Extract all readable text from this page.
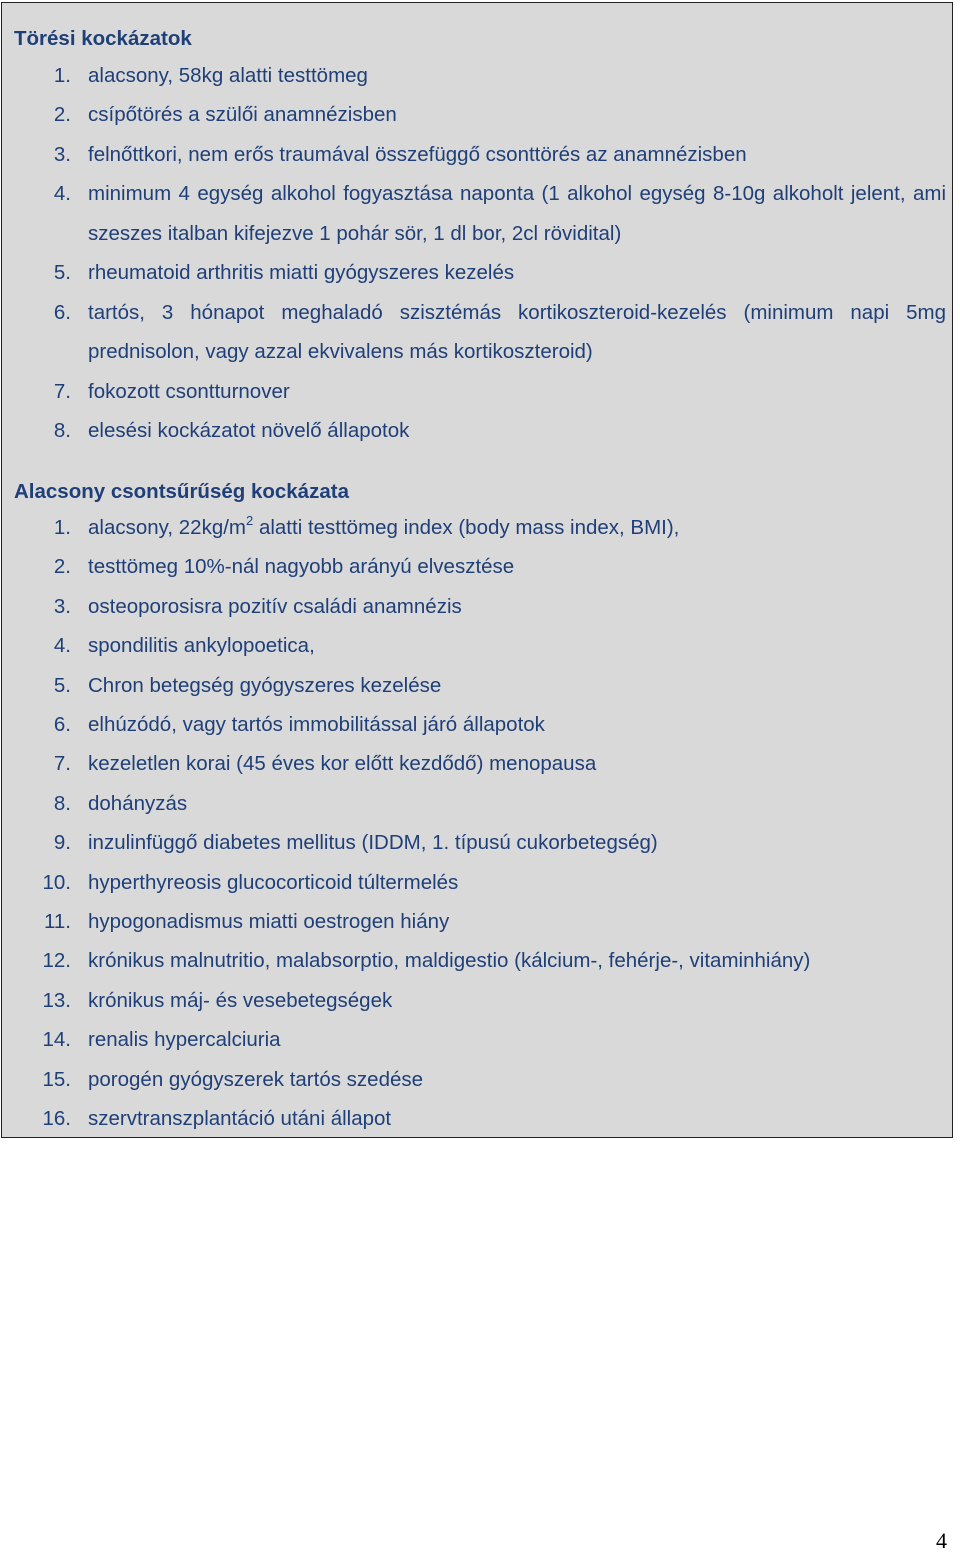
Törési kockázatok
1. alacsony, 58kg alatti testtömeg

2. csípőtörés a szülői anamnézisben

3. felnőttkori, nem erős traumával összefüggő csonttörés az anamnézisben

4. minimum 4 egység alkohol fogyasztása naponta (1 alkohol egység 8-10g alkoholt jelent, ami szeszes italban kifejezve 1 pohár sör, 1 dl bor, 2cl rövidital)

5. rheumatoid arthritis miatti gyógyszeres kezelés

6. tartós, 3 hónapot meghaladó szisztémás kortikoszteroid-kezelés (minimum napi 5mg prednisolon, vagy azzal ekvivalens más kortikoszteroid)

7. fokozott csontturnover

8. elesési kockázatot növelő állapotok

Alacsony csontsűrűség kockázata
1. alacsony, $22kg/m^2$ alatti testtömeg index (body mass index, BMI),

2. testtömeg 10%-nál nagyobb arányú elvesztése

3. osteoporosisra pozitív családi anamnézis

4. spondilitis ankylopoetica,

5. Chron betegség gyógyszeres kezelése

6. elhúzódó, vagy tartós immobilitással járó állapotok

7. kezeletlen korai (45 éves kor előtt kezdődő) menopausa

8. dohányzás

9. inzulinfüggő diabetes mellitus (IDDM, 1. típusú cukorbetegség)

10. hyperthyreosis glucocorticoid túltermelés

11. hypogonadismus miatti oestrogen hiány

12. krónikus malnutritio, malabsorptio, maldigestio (kálcium-, fehérje-, vitaminhiány)

13. krónikus máj- és vesebetegségek

14. renalis hypercalciuria

15. porogén gyógyszerek tartós szedése

16. szervtranszplantáció utáni állapot

4
